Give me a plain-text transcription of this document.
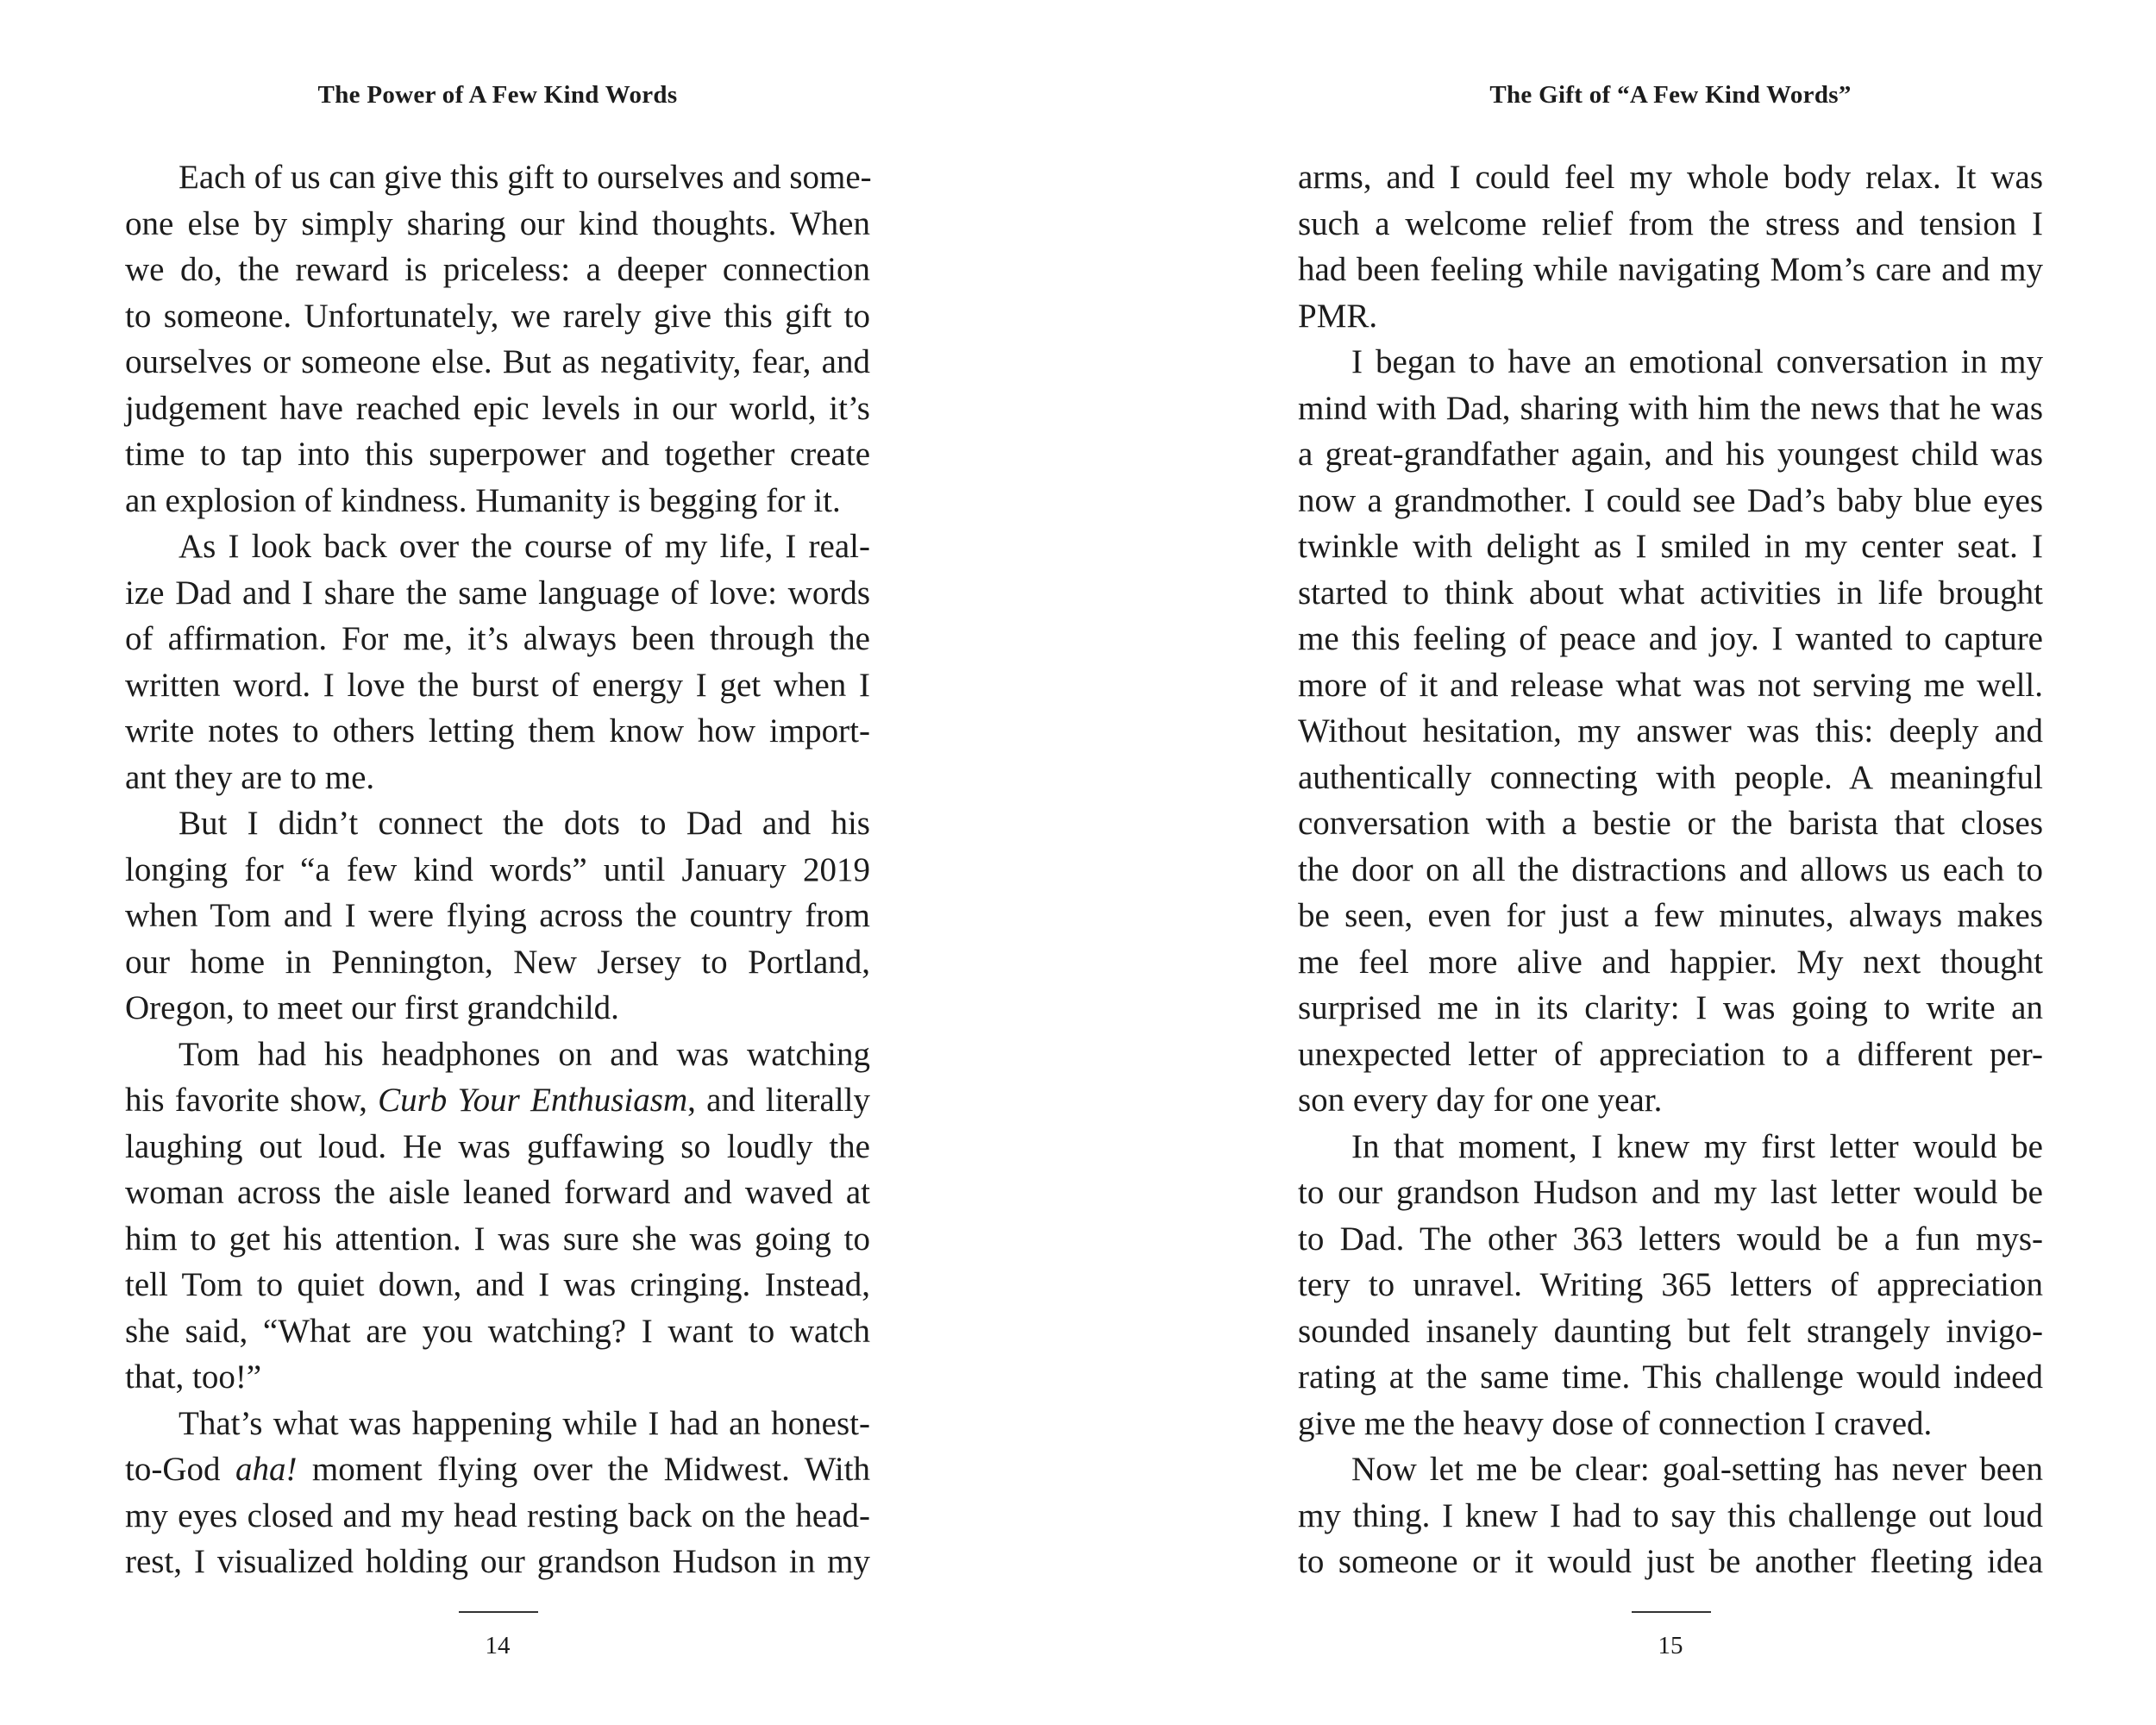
The Power of A Few Kind Words
Each of us can give this gift to ourselves and some-
one else by simply sharing our kind thoughts. When
we do, the reward is priceless: a deeper connection
to someone. Unfortunately, we rarely give this gift to
ourselves or someone else. But as negativity, fear, and
judgement have reached epic levels in our world, it’s
time to tap into this superpower and together create
an explosion of kindness. Humanity is begging for it.
As I look back over the course of my life, I real-
ize Dad and I share the same language of love: words
of affirmation. For me, it’s always been through the
written word. I love the burst of energy I get when I
write notes to others letting them know how import-
ant they are to me.
But I didn’t connect the dots to Dad and his
longing for “a few kind words” until January 2019
when Tom and I were flying across the country from
our home in Pennington, New Jersey to Portland,
Oregon, to meet our first grandchild.
Tom had his headphones on and was watching
his favorite show, Curb Your Enthusiasm, and literally
laughing out loud. He was guffawing so loudly the
woman across the aisle leaned forward and waved at
him to get his attention. I was sure she was going to
tell Tom to quiet down, and I was cringing. Instead,
she said, “What are you watching? I want to watch
that, too!”
That’s what was happening while I had an honest-
to-God aha! moment flying over the Midwest. With
my eyes closed and my head resting back on the head-
rest, I visualized holding our grandson Hudson in my
14
The Gift of “A Few Kind Words”
arms, and I could feel my whole body relax. It was
such a welcome relief from the stress and tension I
had been feeling while navigating Mom’s care and my
PMR.
I began to have an emotional conversation in my
mind with Dad, sharing with him the news that he was
a great-grandfather again, and his youngest child was
now a grandmother. I could see Dad’s baby blue eyes
twinkle with delight as I smiled in my center seat. I
started to think about what activities in life brought
me this feeling of peace and joy. I wanted to capture
more of it and release what was not serving me well.
Without hesitation, my answer was this: deeply and
authentically connecting with people. A meaningful
conversation with a bestie or the barista that closes
the door on all the distractions and allows us each to
be seen, even for just a few minutes, always makes
me feel more alive and happier. My next thought
surprised me in its clarity: I was going to write an
unexpected letter of appreciation to a different per-
son every day for one year.
In that moment, I knew my first letter would be
to our grandson Hudson and my last letter would be
to Dad. The other 363 letters would be a fun mys-
tery to unravel. Writing 365 letters of appreciation
sounded insanely daunting but felt strangely invigo-
rating at the same time. This challenge would indeed
give me the heavy dose of connection I craved.
Now let me be clear: goal-setting has never been
my thing. I knew I had to say this challenge out loud
to someone or it would just be another fleeting idea
15
